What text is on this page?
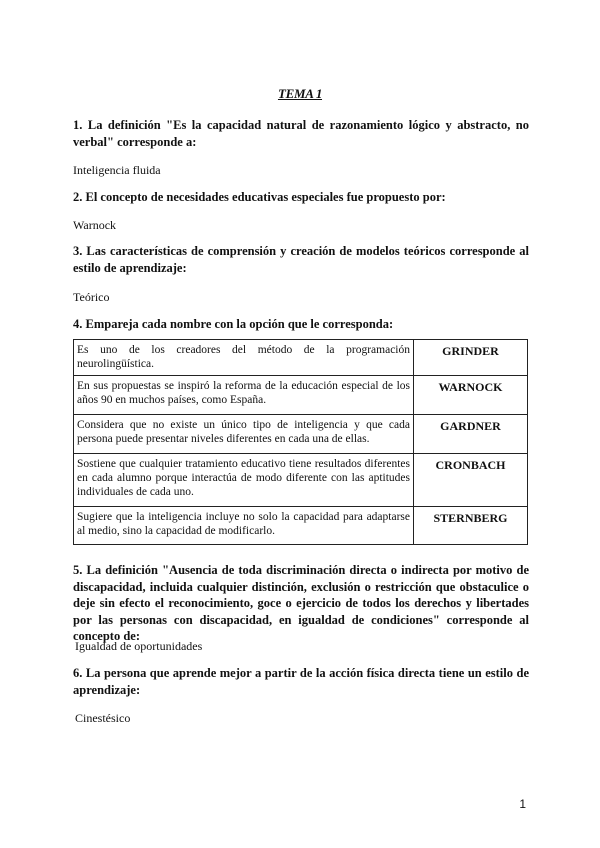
TEMA 1
1. La definición "Es la capacidad natural de razonamiento lógico y abstracto, no verbal" corresponde a:
Inteligencia fluida
2. El concepto de necesidades educativas especiales fue propuesto por:
Warnock
3. Las características de comprensión y creación de modelos teóricos corresponde al estilo de aprendizaje:
Teórico
4. Empareja cada nombre con la opción que le corresponda:
Es uno de los creadores del método de la programación neurolingüística.	GRINDER
En sus propuestas se inspiró la reforma de la educación especial de los años 90 en muchos países, como España.	WARNOCK
Considera que no existe un único tipo de inteligencia y que cada persona puede presentar niveles diferentes en cada una de ellas.	GARDNER
Sostiene que cualquier tratamiento educativo tiene resultados diferentes en cada alumno porque interactúa de modo diferente con las aptitudes individuales de cada uno.	CRONBACH
Sugiere que la inteligencia incluye no solo la capacidad para adaptarse al medio, sino la capacidad de modificarlo.	STERNBERG
5. La definición "Ausencia de toda discriminación directa o indirecta por motivo de discapacidad, incluida cualquier distinción, exclusión o restricción que obstaculice o deje sin efecto el reconocimiento, goce o ejercicio de todos los derechos y libertades por las personas con discapacidad, en igualdad de condiciones" corresponde al concepto de:
Igualdad de oportunidades
6. La persona que aprende mejor a partir de la acción física directa tiene un estilo de aprendizaje:
Cinestésico
1
